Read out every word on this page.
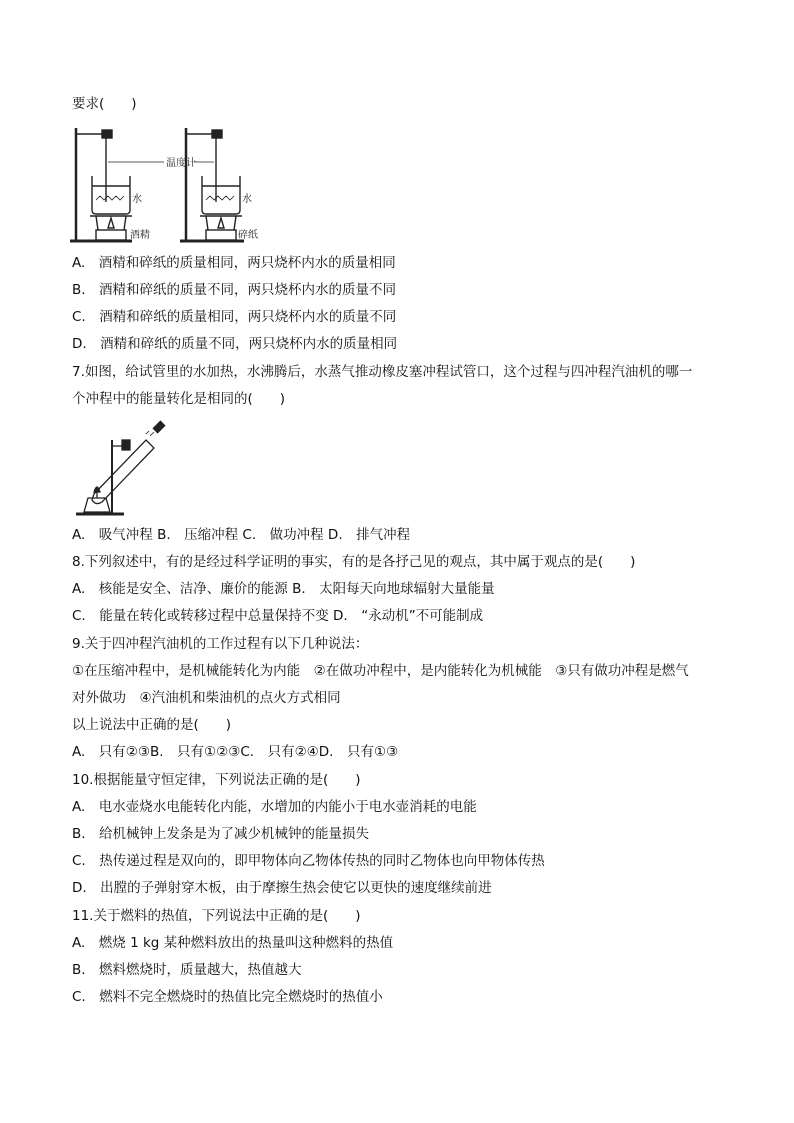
要求(　　)
温度计
水	水
酒精	碎纸
A.　酒精和碎纸的质量相同，两只烧杯内水的质量相同
B.　酒精和碎纸的质量不同，两只烧杯内水的质量不同
C.　酒精和碎纸的质量相同，两只烧杯内水的质量不同
D.　酒精和碎纸的质量不同，两只烧杯内水的质量相同
7.如图，给试管里的水加热，水沸腾后，水蒸气推动橡皮塞冲程试管口，这个过程与四冲程汽油机的哪一
个冲程中的能量转化是相同的(　　)
A.　吸气冲程 B.　压缩冲程 C.　做功冲程 D.　排气冲程
8.下列叙述中，有的是经过科学证明的事实，有的是各抒己见的观点，其中属于观点的是(　　)
A.　核能是安全、洁净、廉价的能源 B.　太阳每天向地球辐射大量能量
C.　能量在转化或转移过程中总量保持不变 D.　“永动机”不可能制成
9.关于四冲程汽油机的工作过程有以下几种说法：
①在压缩冲程中，是机械能转化为内能　②在做功冲程中，是内能转化为机械能　③只有做功冲程是燃气
对外做功　④汽油机和柴油机的点火方式相同
以上说法中正确的是(　　)
A.　只有②③B.　只有①②③C.　只有②④D.　只有①③
10.根据能量守恒定律，下列说法正确的是(　　)
A.　电水壶烧水电能转化内能，水增加的内能小于电水壶消耗的电能
B.　给机械钟上发条是为了减少机械钟的能量损失
C.　热传递过程是双向的，即甲物体向乙物体传热的同时乙物体也向甲物体传热
D.　出膛的子弹射穿木板，由于摩擦生热会使它以更快的速度继续前进
11.关于燃料的热值，下列说法中正确的是(　　)
A.　燃烧 1 kg 某种燃料放出的热量叫这种燃料的热值
B.　燃料燃烧时，质量越大，热值越大
C.　燃料不完全燃烧时的热值比完全燃烧时的热值小
